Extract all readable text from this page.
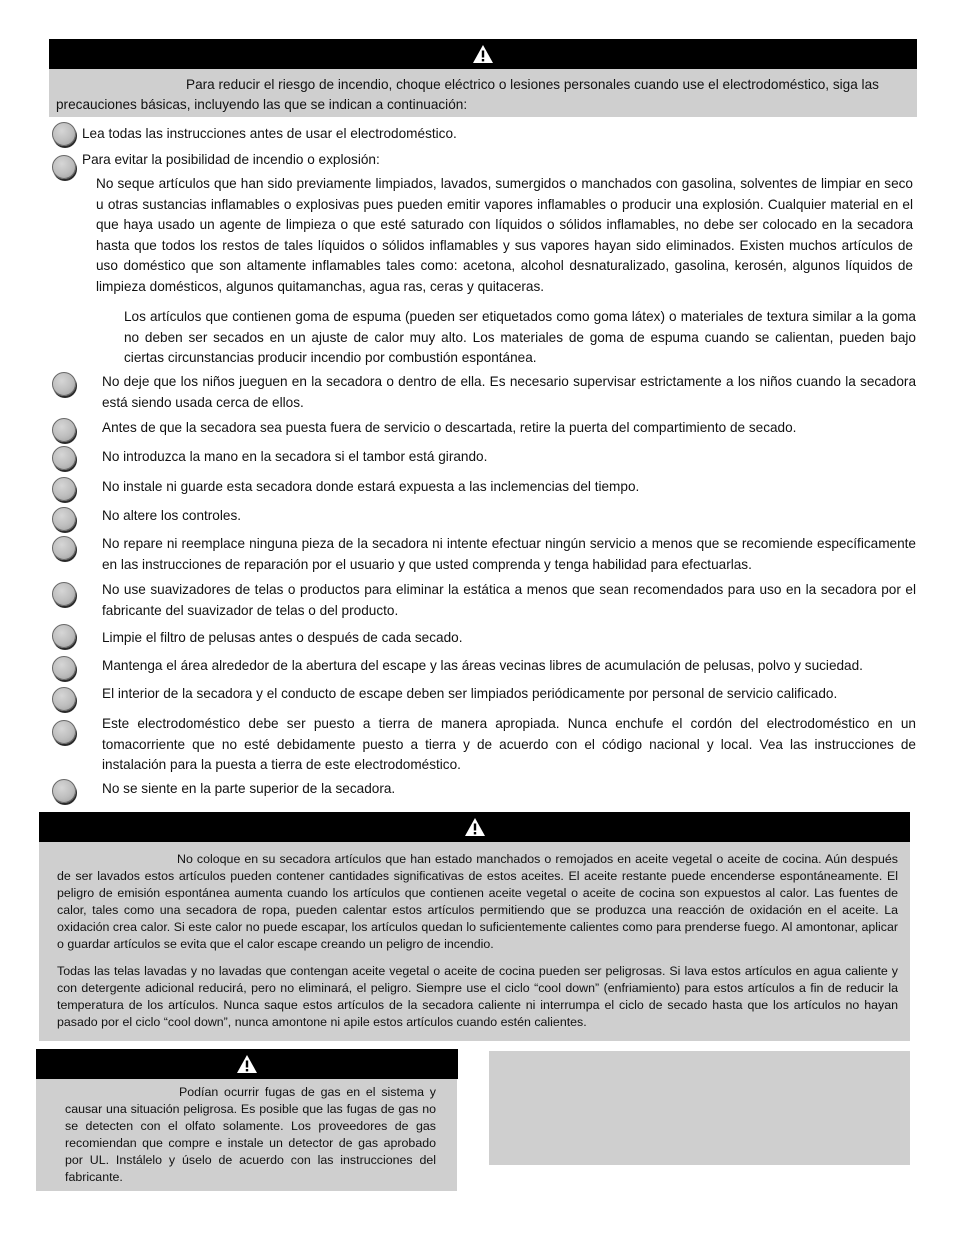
Para reducir el riesgo de incendio, choque eléctrico o lesiones personales cuando use el electrodoméstico, siga las precauciones básicas, incluyendo las que se indican a continuación:
Lea todas las instrucciones antes de usar el electrodoméstico.
Para evitar la posibilidad de incendio o explosión:
No seque artículos que han sido previamente limpiados, lavados, sumergidos o manchados con gasolina, solventes de limpiar en seco u otras sustancias inflamables o explosivas pues pueden emitir vapores inflamables o producir una explosión. Cualquier material en el que haya usado un agente de limpieza o que esté saturado con líquidos o sólidos inflamables, no debe ser colocado en la secadora hasta que todos los restos de tales líquidos o sólidos inflamables y sus vapores hayan sido eliminados. Existen muchos artículos de uso doméstico que son altamente inflamables tales como: acetona, alcohol desnaturalizado, gasolina, kerosén, algunos líquidos de limpieza domésticos, algunos quitamanchas, agua ras, ceras y quitaceras.
Los artículos que contienen goma de espuma (pueden ser etiquetados como goma látex) o materiales de textura similar a la goma no deben ser secados en un ajuste de calor muy alto. Los materiales de goma de espuma cuando se calientan, pueden bajo ciertas circunstancias producir incendio por combustión espontánea.
No deje que los niños jueguen en la secadora o dentro de ella. Es necesario supervisar estrictamente a los niños cuando la secadora está siendo usada cerca de ellos.
Antes de que la secadora sea puesta fuera de servicio o descartada, retire la puerta del compartimiento de secado.
No introduzca la mano en la secadora si el tambor está girando.
No instale ni guarde esta secadora donde estará expuesta a las inclemencias del tiempo.
No altere los controles.
No repare ni reemplace ninguna pieza de la secadora ni intente efectuar ningún servicio a menos que se recomiende específicamente en las instrucciones de reparación por el usuario y que usted comprenda y tenga habilidad para efectuarlas.
No use suavizadores de telas o productos para eliminar la estática a menos que sean recomendados para uso en la secadora por el fabricante del suavizador de telas o del producto.
Limpie el filtro de pelusas antes o después de cada secado.
Mantenga el área alrededor de la abertura del escape y las áreas vecinas libres de acumulación de pelusas, polvo y suciedad.
El interior de la secadora y el conducto de escape deben ser limpiados periódicamente por personal de servicio calificado.
Este electrodoméstico debe ser puesto a tierra de manera apropiada. Nunca enchufe el cordón del electrodoméstico en un tomacorriente que no esté debidamente puesto a tierra y de acuerdo con el código nacional y local. Vea las instrucciones de instalación para la puesta a tierra de este electrodoméstico.
No se siente en la parte superior de la secadora.
No coloque en su secadora artículos que han estado manchados o remojados en aceite vegetal o aceite de cocina. Aún después de ser lavados estos artículos pueden contener cantidades significativas de estos aceites. El aceite restante puede encenderse espontáneamente. El peligro de emisión espontánea aumenta cuando los artículos que contienen aceite vegetal o aceite de cocina son expuestos al calor. Las fuentes de calor, tales como una secadora de ropa, pueden calentar estos artículos permitiendo que se produzca una reacción de oxidación en el aceite. La oxidación crea calor. Si este calor no puede escapar, los artículos quedan lo suficientemente calientes como para prenderse fuego. Al amontonar, aplicar o guardar artículos se evita que el calor escape creando un peligro de incendio.
Todas las telas lavadas y no lavadas que contengan aceite vegetal o aceite de cocina pueden ser peligrosas. Si lava estos artículos en agua caliente y con detergente adicional reducirá, pero no eliminará, el peligro. Siempre use el ciclo “cool down” (enfriamiento) para estos artículos a fin de reducir la temperatura de los artículos. Nunca saque estos artículos de la secadora caliente ni interrumpa el ciclo de secado hasta que los artículos no hayan pasado por el ciclo “cool down”, nunca amontone ni apile estos artículos cuando estén calientes.
Podían ocurrir fugas de gas en el sistema y causar una situación peligrosa. Es posible que las fugas de gas no se detecten con el olfato solamente. Los proveedores de gas recomiendan que compre e instale un detector de gas aprobado por UL. Instálelo y úselo de acuerdo con las instrucciones del fabricante.
